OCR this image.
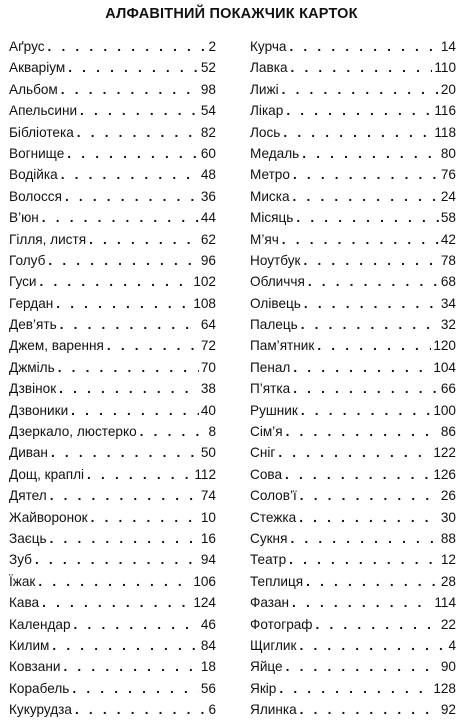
АЛФАВІТНИЙ ПОКАЖЧИК КАРТОК
Аґрус . . .	2
Акваріум . . .	52
Альбом . . .	98
Апельсини . . .	54
Бібліотека . . .	82
Вогнище . . .	60
Водійка . . .	48
Волосся . . .	36
В’юн . . .	44
Гілля, листя . . .	62
Голуб . . .	96
Гуси . . .	102
Гердан . . .	108
Дев’ять . . .	64
Джем, варення . . .	72
Джміль . . .	70
Дзвінок . . .	38
Дзвоники . . .	40
Дзеркало, люстерко . . .	8
Диван . . .	50
Дощ, краплі . . .	112
Дятел . . .	74
Жайворонок . . .	10
Заєць . . .	16
Зуб . . .	94
Їжак . . .	106
Кава . . .	124
Календар . . .	46
Килим . . .	84
Ковзани . . .	18
Корабель . . .	56
Кукурудза . . .	6
Курча . . .	14
Лавка . . .	110
Лижі . . .	20
Лікар . . .	116
Лось . . .	118
Медаль . . .	80
Метро . . .	76
Миска . . .	24
Місяць . . .	58
М’яч . . .	42
Ноутбук . . .	78
Обличчя . . .	68
Олівець . . .	34
Палець . . .	32
Пам’ятник . . .	120
Пенал . . .	104
П’ятка . . .	66
Рушник . . .	100
Сім’я . . .	86
Сніг . . .	122
Сова . . .	126
Солов’ї . . .	26
Стежка . . .	30
Сукня . . .	88
Театр . . .	12
Теплиця . . .	28
Фазан . . .	114
Фотограф . . .	22
Щиглик . . .	4
Яйце . . .	90
Якір . . .	128
Ялинка . . .	92
